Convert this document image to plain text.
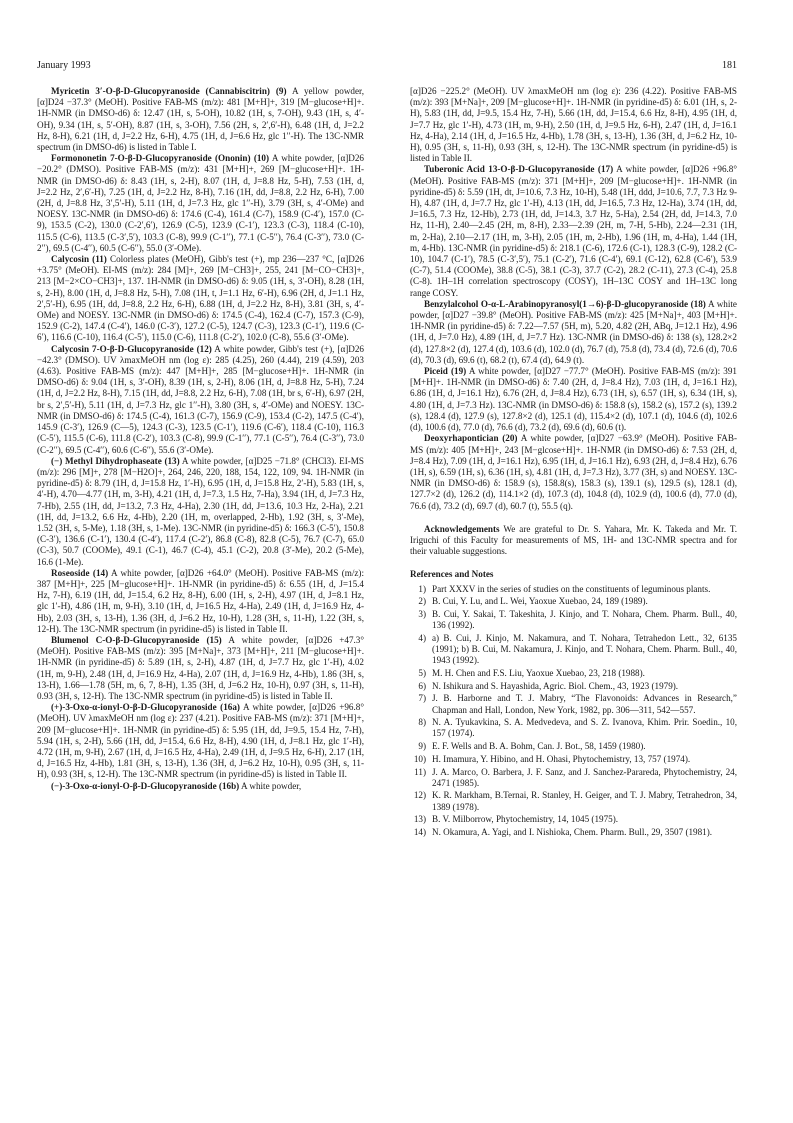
January 1993	181

Myricetin 3′-O-β-D-Glucopyranoside (Cannabiscitrin) (9) A yellow powder, [α]D24 −37.3° (MeOH). Positive FAB-MS (m/z): 481 [M+H]+, 319 [M−glucose+H]+. 1H-NMR (in DMSO-d6) δ: 12.47 (1H, s, 5-OH), 10.82 (1H, s, 7-OH), 9.43 (1H, s, 4′-OH), 9.34 (1H, s, 5′-OH), 8.87 (1H, s, 3-OH), 7.56 (2H, s, 2′,6′-H), 6.48 (1H, d, J=2.2 Hz, 8-H), 6.21 (1H, d, J=2.2 Hz, 6-H), 4.75 (1H, d, J=6.6 Hz, glc 1′′-H). The 13C-NMR spectrum (in DMSO-d6) is listed in Table I.

Formononetin 7-O-β-D-Glucopyranoside (Ononin) (10) A white powder, [α]D26 −20.2° (DMSO). Positive FAB-MS (m/z): 431 [M+H]+, 269 [M−glucose+H]+. 1H-NMR (in DMSO-d6) δ: 8.43 (1H, s, 2-H), 8.07 (1H, d, J=8.8 Hz, 5-H), 7.53 (1H, d, J=2.2 Hz, 2′,6′-H), 7.25 (1H, d, J=2.2 Hz, 8-H), 7.16 (1H, dd, J=8.8, 2.2 Hz, 6-H), 7.00 (2H, d, J=8.8 Hz, 3′,5′-H), 5.11 (1H, d, J=7.3 Hz, glc 1′′-H), 3.79 (3H, s, 4′-OMe) and NOESY. 13C-NMR (in DMSO-d6) δ: 174.6 (C-4), 161.4 (C-7), 158.9 (C-4′), 157.0 (C-9), 153.5 (C-2), 130.0 (C-2′,6′), 126.9 (C-5), 123.9 (C-1′), 123.3 (C-3), 118.4 (C-10), 115.5 (C-6), 113.5 (C-3′,5′), 103.3 (C-8), 99.9 (C-1′′), 77.1 (C-5′′), 76.4 (C-3′′), 73.0 (C-2′′), 69.5 (C-4′′), 60.5 (C-6′′), 55.0 (3′-OMe).

Calycosin (11) Colorless plates (MeOH), Gibb's test (+), mp 236—237 °C, [α]D26 +3.75° (MeOH). EI-MS (m/z): 284 [M]+, 269 [M−CH3]+, 255, 241 [M−CO−CH3]+, 213 [M−2×CO−CH3]+, 137. 1H-NMR (in DMSO-d6) δ: 9.05 (1H, s, 3′-OH), 8.28 (1H, s, 2-H), 8.00 (1H, d, J=8.8 Hz, 5-H), 7.08 (1H, t, J=1.1 Hz, 6′-H), 6.96 (2H, d, J=1.1 Hz, 2′,5′-H), 6.95 (1H, dd, J=8.8, 2.2 Hz, 6-H), 6.88 (1H, d, J=2.2 Hz, 8-H), 3.81 (3H, s, 4′-OMe) and NOESY. 13C-NMR (in DMSO-d6) δ: 174.5 (C-4), 162.4 (C-7), 157.3 (C-9), 152.9 (C-2), 147.4 (C-4′), 146.0 (C-3′), 127.2 (C-5), 124.7 (C-3), 123.3 (C-1′), 119.6 (C-6′), 116.6 (C-10), 116.4 (C-5′), 115.0 (C-6), 111.8 (C-2′), 102.0 (C-8), 55.6 (3′-OMe).

Calycosin 7-O-β-D-Glucopyranoside (12) A white powder, Gibb's test (+), [α]D26 −42.3° (DMSO). UV λmaxMeOH nm (log ε): 285 (4.25), 260 (4.44), 219 (4.59), 203 (4.63). Positive FAB-MS (m/z): 447 [M+H]+, 285 [M−glucose+H]+. 1H-NMR (in DMSO-d6) δ: 9.04 (1H, s, 3′-OH), 8.39 (1H, s, 2-H), 8.06 (1H, d, J=8.8 Hz, 5-H), 7.24 (1H, d, J=2.2 Hz, 8-H), 7.15 (1H, dd, J=8.8, 2.2 Hz, 6-H), 7.08 (1H, br s, 6′-H), 6.97 (2H, br s, 2′,5′-H), 5.11 (1H, d, J=7.3 Hz, glc 1′′-H), 3.80 (3H, s, 4′-OMe) and NOESY. 13C-NMR (in DMSO-d6) δ: 174.5 (C-4), 161.3 (C-7), 156.9 (C-9), 153.4 (C-2), 147.5 (C-4′), 145.9 (C-3′), 126.9 (C—5), 124.3 (C-3), 123.5 (C-1′), 119.6 (C-6′), 118.4 (C-10), 116.3 (C-5′), 115.5 (C-6), 111.8 (C-2′), 103.3 (C-8), 99.9 (C-1′′), 77.1 (C-5′′), 76.4 (C-3′′), 73.0 (C-2′′), 69.5 (C-4′′), 60.6 (C-6′′), 55.6 (3′-OMe).

(−) Methyl Dihydrophaseate (13) A white powder, [α]D25 −71.8° (CHCl3). EI-MS (m/z): 296 [M]+, 278 [M−H2O]+, 264, 246, 220, 188, 154, 122, 109, 94. 1H-NMR (in pyridine-d5) δ: 8.79 (1H, d, J=15.8 Hz, 1′-H), 6.95 (1H, d, J=15.8 Hz, 2′-H), 5.83 (1H, s, 4′-H), 4.70—4.77 (1H, m, 3-H), 4.21 (1H, d, J=7.3, 1.5 Hz, 7-Ha), 3.94 (1H, d, J=7.3 Hz, 7-Hb), 2.55 (1H, dd, J=13.2, 7.3 Hz, 4-Ha), 2.30 (1H, dd, J=13.6, 10.3 Hz, 2-Ha), 2.21 (1H, dd, J=13.2, 6.6 Hz, 4-Hb), 2.20 (1H, m, overlapped, 2-Hb), 1.92 (3H, s, 3′-Me), 1.52 (3H, s, 5-Me), 1.18 (3H, s, 1-Me). 13C-NMR (in pyridine-d5) δ: 166.3 (C-5′), 150.8 (C-3′), 136.6 (C-1′), 130.4 (C-4′), 117.4 (C-2′), 86.8 (C-8), 82.8 (C-5), 76.7 (C-7), 65.0 (C-3), 50.7 (COOMe), 49.1 (C-1), 46.7 (C-4), 45.1 (C-2), 20.8 (3′-Me), 20.2 (5-Me), 16.6 (1-Me).

Roseoside (14) A white powder, [α]D26 +64.0° (MeOH). Positive FAB-MS (m/z): 387 [M+H]+, 225 [M−glucose+H]+. 1H-NMR (in pyridine-d5) δ: 6.55 (1H, d, J=15.4 Hz, 7-H), 6.19 (1H, dd, J=15.4, 6.2 Hz, 8-H), 6.00 (1H, s, 2-H), 4.97 (1H, d, J=8.1 Hz, glc 1′-H), 4.86 (1H, m, 9-H), 3.10 (1H, d, J=16.5 Hz, 4-Ha), 2.49 (1H, d, J=16.9 Hz, 4-Hb), 2.03 (3H, s, 13-H), 1.36 (3H, d, J=6.2 Hz, 10-H), 1.28 (3H, s, 11-H), 1.22 (3H, s, 12-H). The 13C-NMR spectrum (in pyridine-d5) is listed in Table II.

Blumenol C-O-β-D-Glucopyranoside (15) A white powder, [α]D26 +47.3° (MeOH). Positive FAB-MS (m/z): 395 [M+Na]+, 373 [M+H]+, 211 [M−glucose+H]+. 1H-NMR (in pyridine-d5) δ: 5.89 (1H, s, 2-H), 4.87 (1H, d, J=7.7 Hz, glc 1′-H), 4.02 (1H, m, 9-H), 2.48 (1H, d, J=16.9 Hz, 4-Ha), 2.07 (1H, d, J=16.9 Hz, 4-Hb), 1.86 (3H, s, 13-H), 1.66—1.78 (5H, m, 6, 7, 8-H), 1.35 (3H, d, J=6.2 Hz, 10-H), 0.97 (3H, s, 11-H), 0.93 (3H, s, 12-H). The 13C-NMR spectrum (in pyridine-d5) is listed in Table II.

(+)-3-Oxo-α-ionyl-O-β-D-Glucopyranoside (16a) A white powder, [α]D26 +96.8° (MeOH). UV λmaxMeOH nm (log ε): 237 (4.21). Positive FAB-MS (m/z): 371 [M+H]+, 209 [M−glucose+H]+. 1H-NMR (in pyridine-d5) δ: 5.95 (1H, dd, J=9.5, 15.4 Hz, 7-H), 5.94 (1H, s, 2-H), 5.66 (1H, dd, J=15.4, 6.6 Hz, 8-H), 4.90 (1H, d, J=8.1 Hz, glc 1′-H), 4.72 (1H, m, 9-H), 2.67 (1H, d, J=16.5 Hz, 4-Ha), 2.49 (1H, d, J=9.5 Hz, 6-H), 2.17 (1H, d, J=16.5 Hz, 4-Hb), 1.81 (3H, s, 13-H), 1.36 (3H, d, J=6.2 Hz, 10-H), 0.95 (3H, s, 11-H), 0.93 (3H, s, 12-H). The 13C-NMR spectrum (in pyridine-d5) is listed in Table II.

(−)-3-Oxo-α-ionyl-O-β-D-Glucopyranoside (16b) A white powder,

[α]D26 −225.2° (MeOH). UV λmaxMeOH nm (log ε): 236 (4.22). Positive FAB-MS (m/z): 393 [M+Na]+, 209 [M−glucose+H]+. 1H-NMR (in pyridine-d5) δ: 6.01 (1H, s, 2-H), 5.83 (1H, dd, J=9.5, 15.4 Hz, 7-H), 5.66 (1H, dd, J=15.4, 6.6 Hz, 8-H), 4.95 (1H, d, J=7.7 Hz, glc 1′-H), 4.73 (1H, m, 9-H), 2.50 (1H, d, J=9.5 Hz, 6-H), 2.47 (1H, d, J=16.1 Hz, 4-Ha), 2.14 (1H, d, J=16.5 Hz, 4-Hb), 1.78 (3H, s, 13-H), 1.36 (3H, d, J=6.2 Hz, 10-H), 0.95 (3H, s, 11-H), 0.93 (3H, s, 12-H). The 13C-NMR spectrum (in pyridine-d5) is listed in Table II.

Tuberonic Acid 13-O-β-D-Glucopyranoside (17) A white powder, [α]D26 +96.8° (MeOH). Positive FAB-MS (m/z): 371 [M+H]+, 209 [M−glucose+H]+. 1H-NMR (in pyridine-d5) δ: 5.59 (1H, dt, J=10.6, 7.3 Hz, 10-H), 5.48 (1H, ddd, J=10.6, 7.7, 7.3 Hz 9-H), 4.87 (1H, d, J=7.7 Hz, glc 1′-H), 4.13 (1H, dd, J=16.5, 7.3 Hz, 12-Ha), 3.74 (1H, dd, J=16.5, 7.3 Hz, 12-Hb), 2.73 (1H, dd, J=14.3, 3.7 Hz, 5-Ha), 2.54 (2H, dd, J=14.3, 7.0 Hz, 11-H), 2.40—2.45 (2H, m, 8-H), 2.33—2.39 (2H, m, 7-H, 5-Hb), 2.24—2.31 (1H, m, 2-Ha), 2.10—2.17 (1H, m, 3-H), 2.05 (1H, m, 2-Hb), 1.96 (1H, m, 4-Ha), 1.44 (1H, m, 4-Hb). 13C-NMR (in pyridine-d5) δ: 218.1 (C-6), 172.6 (C-1), 128.3 (C-9), 128.2 (C-10), 104.7 (C-1′), 78.5 (C-3′,5′), 75.1 (C-2′), 71.6 (C-4′), 69.1 (C-12), 62.8 (C-6′), 53.9 (C-7), 51.4 (COOMe), 38.8 (C-5), 38.1 (C-3), 37.7 (C-2), 28.2 (C-11), 27.3 (C-4), 25.8 (C-8). 1H–1H correlation spectroscopy (COSY), 1H–13C COSY and 1H–13C long range COSY.

Benzylalcohol O-α-L-Arabinopyranosyl(1→6)-β-D-glucopyranoside (18) A white powder, [α]D27 −39.8° (MeOH). Positive FAB-MS (m/z): 425 [M+Na]+, 403 [M+H]+. 1H-NMR (in pyridine-d5) δ: 7.22—7.57 (5H, m), 5.20, 4.82 (2H, ABq, J=12.1 Hz), 4.96 (1H, d, J=7.0 Hz), 4.89 (1H, d, J=7.7 Hz). 13C-NMR (in DMSO-d6) δ: 138 (s), 128.2×2 (d), 127.8×2 (d), 127.4 (d), 103.6 (d), 102.0 (d), 76.7 (d), 75.8 (d), 73.4 (d), 72.6 (d), 70.6 (d), 70.3 (d), 69.6 (t), 68.2 (t), 67.4 (d), 64.9 (t).

Piceid (19) A white powder, [α]D27 −77.7° (MeOH). Positive FAB-MS (m/z): 391 [M+H]+. 1H-NMR (in DMSO-d6) δ: 7.40 (2H, d, J=8.4 Hz), 7.03 (1H, d, J=16.1 Hz), 6.86 (1H, d, J=16.1 Hz), 6.76 (2H, d, J=8.4 Hz), 6.73 (1H, s), 6.57 (1H, s), 6.34 (1H, s), 4.80 (1H, d, J=7.3 Hz). 13C-NMR (in DMSO-d6) δ: 158.8 (s), 158.2 (s), 157.2 (s), 139.2 (s), 128.4 (d), 127.9 (s), 127.8×2 (d), 125.1 (d), 115.4×2 (d), 107.1 (d), 104.6 (d), 102.6 (d), 100.6 (d), 77.0 (d), 76.6 (d), 73.2 (d), 69.6 (d), 60.6 (t).

Deoxyrhapontician (20) A white powder, [α]D27 −63.9° (MeOH). Positive FAB-MS (m/z): 405 [M+H]+, 243 [M−glcose+H]+. 1H-NMR (in DMSO-d6) δ: 7.53 (2H, d, J=8.4 Hz), 7.09 (1H, d, J=16.1 Hz), 6.95 (1H, d, J=16.1 Hz), 6.93 (2H, d, J=8.4 Hz), 6.76 (1H, s), 6.59 (1H, s), 6.36 (1H, s), 4.81 (1H, d, J=7.3 Hz), 3.77 (3H, s) and NOESY. 13C-NMR (in DMSO-d6) δ: 158.9 (s), 158.8(s), 158.3 (s), 139.1 (s), 129.5 (s), 128.1 (d), 127.7×2 (d), 126.2 (d), 114.1×2 (d), 107.3 (d), 104.8 (d), 102.9 (d), 100.6 (d), 77.0 (d), 76.6 (d), 73.2 (d), 69.7 (d), 60.7 (t), 55.5 (q).

Acknowledgements We are grateful to Dr. S. Yahara, Mr. K. Takeda and Mr. T. Iriguchi of this Faculty for measurements of MS, 1H- and 13C-NMR spectra and for their valuable suggestions.

References and Notes
1) Part XXXV in the series of studies on the constituents of leguminous plants.
2) B. Cui, Y. Lu, and L. Wei, Yaoxue Xuebao, 24, 189 (1989).
3) B. Cui, Y. Sakai, T. Takeshita, J. Kinjo, and T. Nohara, Chem. Pharm. Bull., 40, 136 (1992).
4) a) B. Cui, J. Kinjo, M. Nakamura, and T. Nohara, Tetrahedon Lett., 32, 6135 (1991); b) B. Cui, M. Nakamura, J. Kinjo, and T. Nohara, Chem. Pharm. Bull., 40, 1943 (1992).
5) M. H. Chen and F.S. Liu, Yaoxue Xuebao, 23, 218 (1988).
6) N. Ishikura and S. Hayashida, Agric. Biol. Chem., 43, 1923 (1979).
7) J. B. Harborne and T. J. Mabry, “The Flavonoids: Advances in Research,” Chapman and Hall, London, New York, 1982, pp. 306—311, 542—557.
8) N. A. Tyukavkina, S. A. Medvedeva, and S. Z. Ivanova, Khim. Prir. Soedin., 10, 157 (1974).
9) E. F. Wells and B. A. Bohm, Can. J. Bot., 58, 1459 (1980).
10) H. Imamura, Y. Hibino, and H. Ohasi, Phytochemistry, 13, 757 (1974).
11) J. A. Marco, O. Barbera, J. F. Sanz, and J. Sanchez-Parareda, Phytochemistry, 24, 2471 (1985).
12) K. R. Markham, B.Ternai, R. Stanley, H. Geiger, and T. J. Mabry, Tetrahedron, 34, 1389 (1978).
13) B. V. Milborrow, Phytochemistry, 14, 1045 (1975).
14) N. Okamura, A. Yagi, and I. Nishioka, Chem. Pharm. Bull., 29, 3507 (1981).
